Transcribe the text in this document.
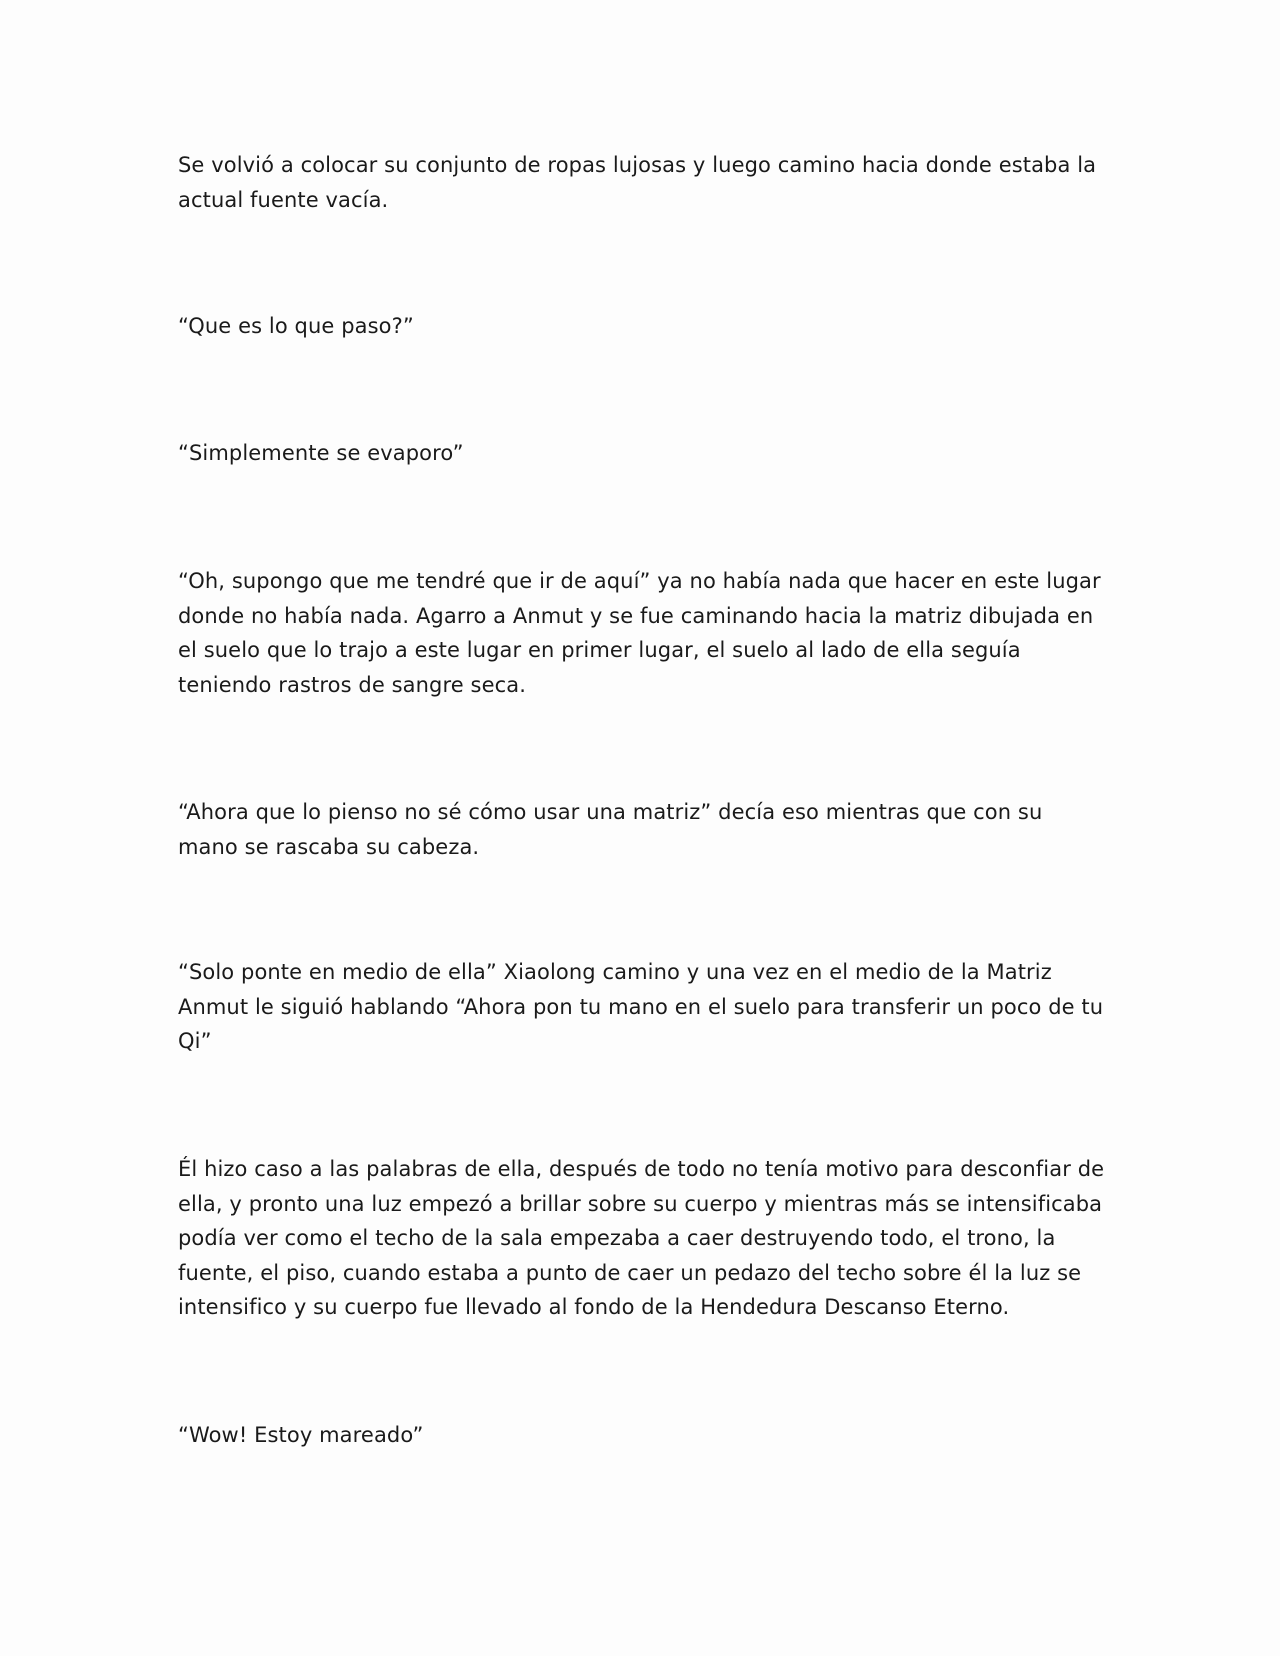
Se volvió a colocar su conjunto de ropas lujosas y luego camino hacia donde estaba la actual fuente vacía.

“Que es lo que paso?”

“Simplemente se evaporo”

“Oh, supongo que me tendré que ir de aquí” ya no había nada que hacer en este lugar donde no había nada. Agarro a Anmut y se fue caminando hacia la matriz dibujada en el suelo que lo trajo a este lugar en primer lugar, el suelo al lado de ella seguía teniendo rastros de sangre seca.

“Ahora que lo pienso no sé cómo usar una matriz” decía eso mientras que con su mano se rascaba su cabeza.

“Solo ponte en medio de ella” Xiaolong camino y una vez en el medio de la Matriz Anmut le siguió hablando “Ahora pon tu mano en el suelo para transferir un poco de tu Qi”

Él hizo caso a las palabras de ella, después de todo no tenía motivo para desconfiar de ella, y pronto una luz empezó a brillar sobre su cuerpo y mientras más se intensificaba podía ver como el techo de la sala empezaba a caer destruyendo todo, el trono, la fuente, el piso, cuando estaba a punto de caer un pedazo del techo sobre él la luz se intensifico y su cuerpo fue llevado al fondo de la Hendedura Descanso Eterno.

“Wow! Estoy mareado”
